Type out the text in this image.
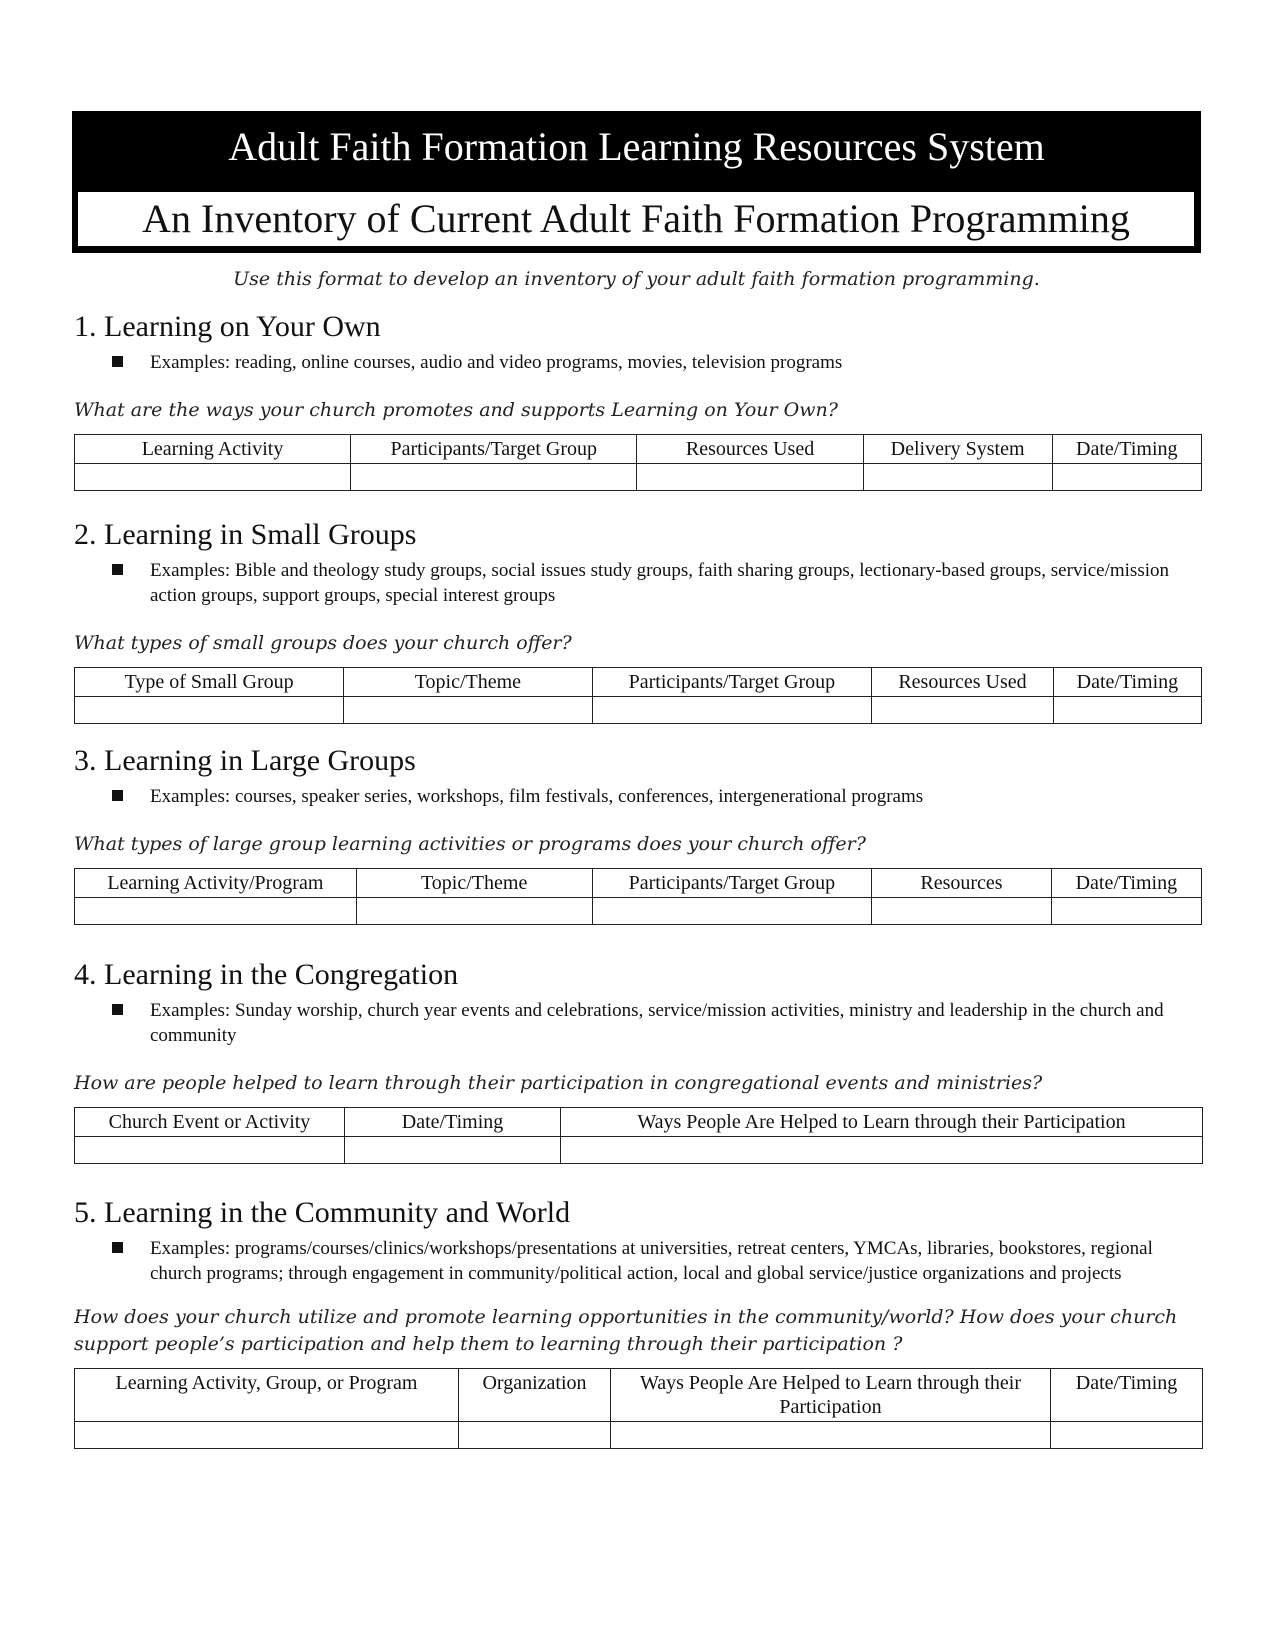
Adult Faith Formation Learning Resources System
An Inventory of Current Adult Faith Formation Programming
Use this format to develop an inventory of your adult faith formation programming.
1. Learning on Your Own
Examples: reading, online courses, audio and video programs, movies, television programs
What are the ways your church promotes and supports Learning on Your Own?
Learning Activity	Participants/Target Group	Resources Used	Delivery System	Date/Timing

2. Learning in Small Groups
Examples: Bible and theology study groups, social issues study groups, faith sharing groups, lectionary-based groups, service/mission action groups, support groups, special interest groups
What types of small groups does your church offer?
Type of Small Group	Topic/Theme	Participants/Target Group	Resources Used	Date/Timing

3. Learning in Large Groups
Examples: courses, speaker series, workshops, film festivals, conferences, intergenerational programs
What types of large group learning activities or programs does your church offer?
Learning Activity/Program	Topic/Theme	Participants/Target Group	Resources	Date/Timing

4. Learning in the Congregation
Examples: Sunday worship, church year events and celebrations, service/mission activities, ministry and leadership in the church and community
How are people helped to learn through their participation in congregational events and ministries?
Church Event or Activity	Date/Timing	Ways People Are Helped to Learn through their Participation

5. Learning in the Community and World
Examples: programs/courses/clinics/workshops/presentations at universities, retreat centers, YMCAs, libraries, bookstores, regional church programs; through engagement in community/political action, local and global service/justice organizations and projects
How does your church utilize and promote learning opportunities in the community/world? How does your church support people’s participation and help them to learning through their participation ?
Learning Activity, Group, or Program	Organization	Ways People Are Helped to Learn through their Participation	Date/Timing
